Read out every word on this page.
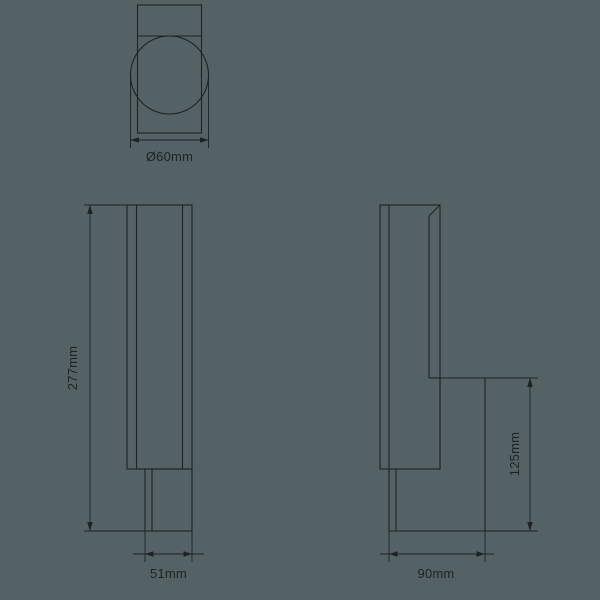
Ø60mm
277mm
51mm
125mm
90mm
